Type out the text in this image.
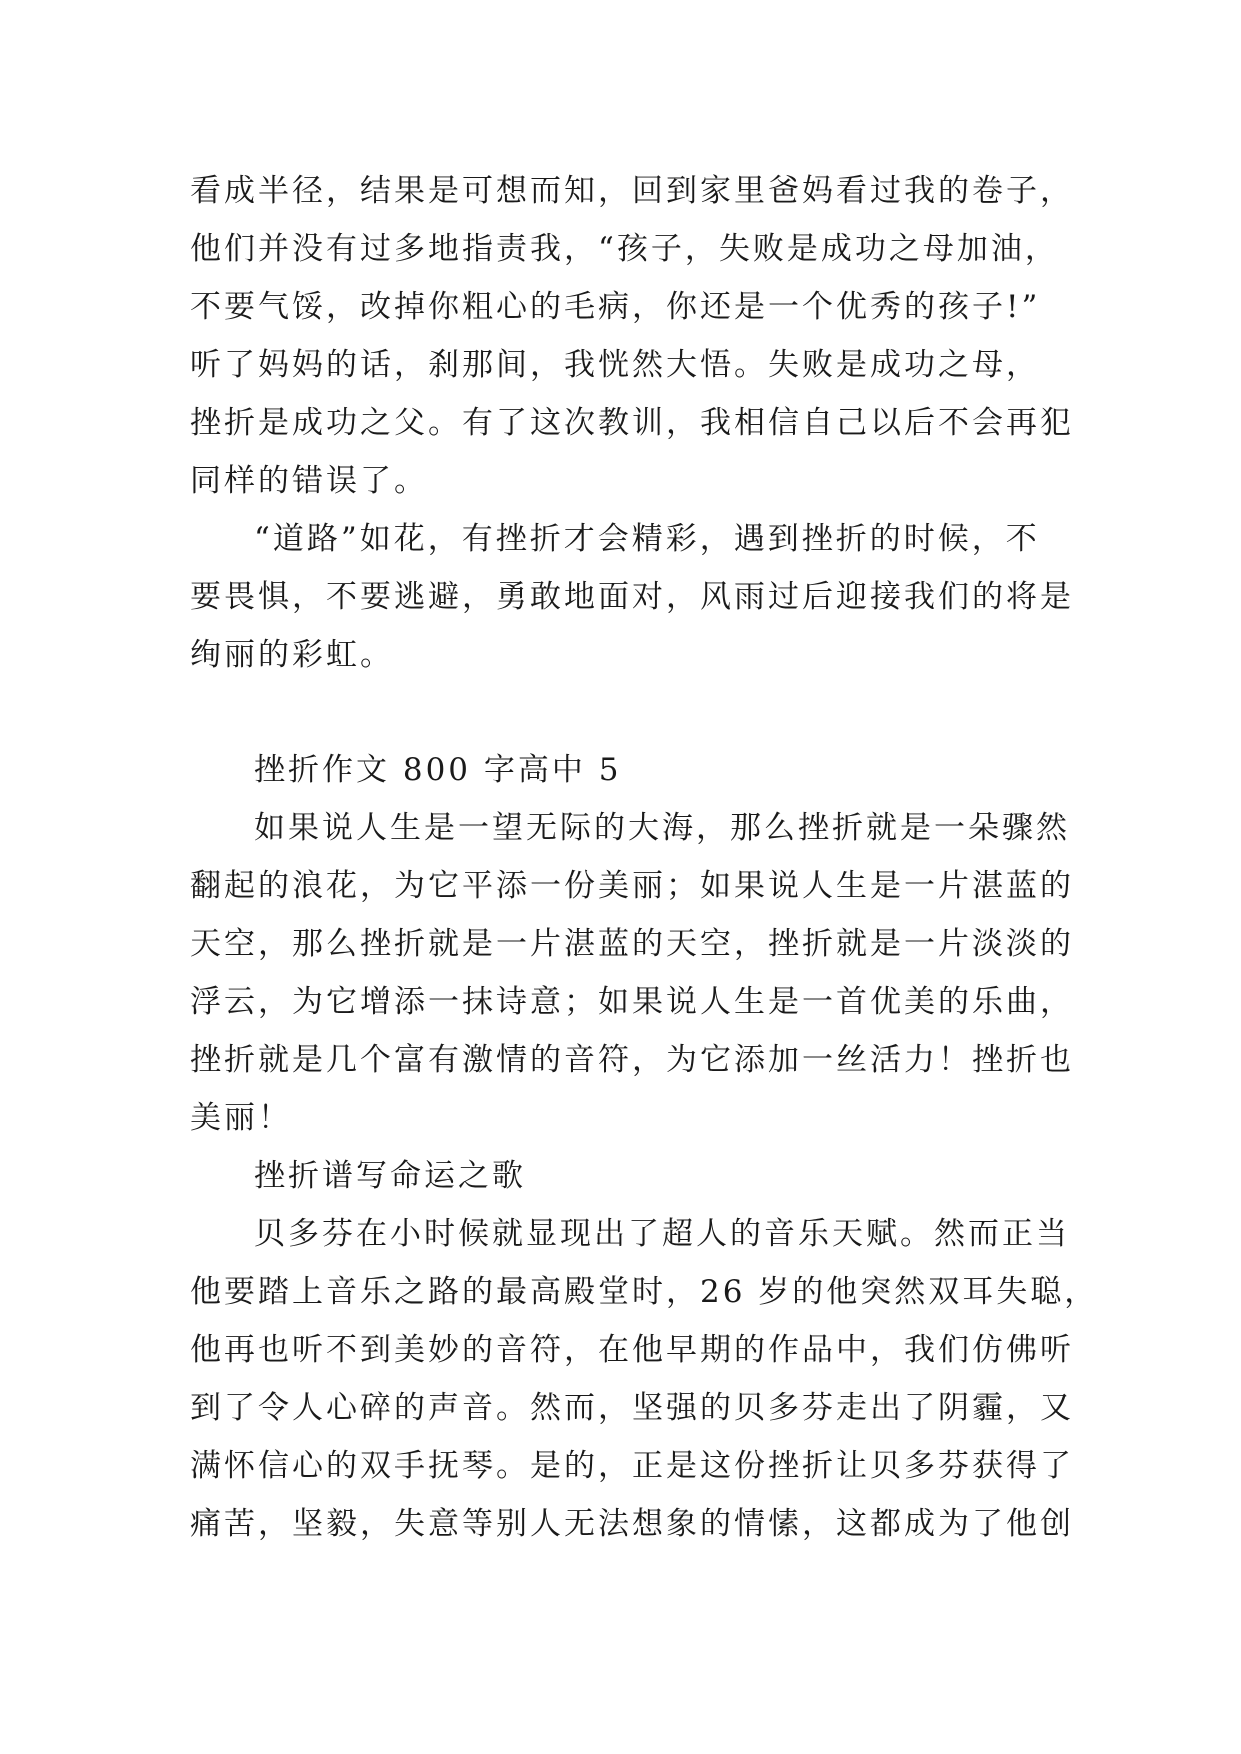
看成半径，结果是可想而知，回到家里爸妈看过我的卷子，
他们并没有过多地指责我，“孩子，失败是成功之母加油，
不要气馁，改掉你粗心的毛病，你还是一个优秀的孩子!”
听了妈妈的话，刹那间，我恍然大悟。失败是成功之母，
挫折是成功之父。有了这次教训，我相信自己以后不会再犯
同样的错误了。
“道路”如花，有挫折才会精彩，遇到挫折的时候，不
要畏惧，不要逃避，勇敢地面对，风雨过后迎接我们的将是
绚丽的彩虹。
挫折作文 800 字高中 5
如果说人生是一望无际的大海，那么挫折就是一朵骤然
翻起的浪花，为它平添一份美丽；如果说人生是一片湛蓝的
天空，那么挫折就是一片湛蓝的天空，挫折就是一片淡淡的
浮云，为它增添一抹诗意；如果说人生是一首优美的乐曲，
挫折就是几个富有激情的音符，为它添加一丝活力！挫折也
美丽！
挫折谱写命运之歌
贝多芬在小时候就显现出了超人的音乐天赋。然而正当
他要踏上音乐之路的最高殿堂时，26 岁的他突然双耳失聪，
他再也听不到美妙的音符，在他早期的作品中，我们仿佛听
到了令人心碎的声音。然而，坚强的贝多芬走出了阴霾，又
满怀信心的双手抚琴。是的，正是这份挫折让贝多芬获得了
痛苦，坚毅，失意等别人无法想象的情愫，这都成为了他创
